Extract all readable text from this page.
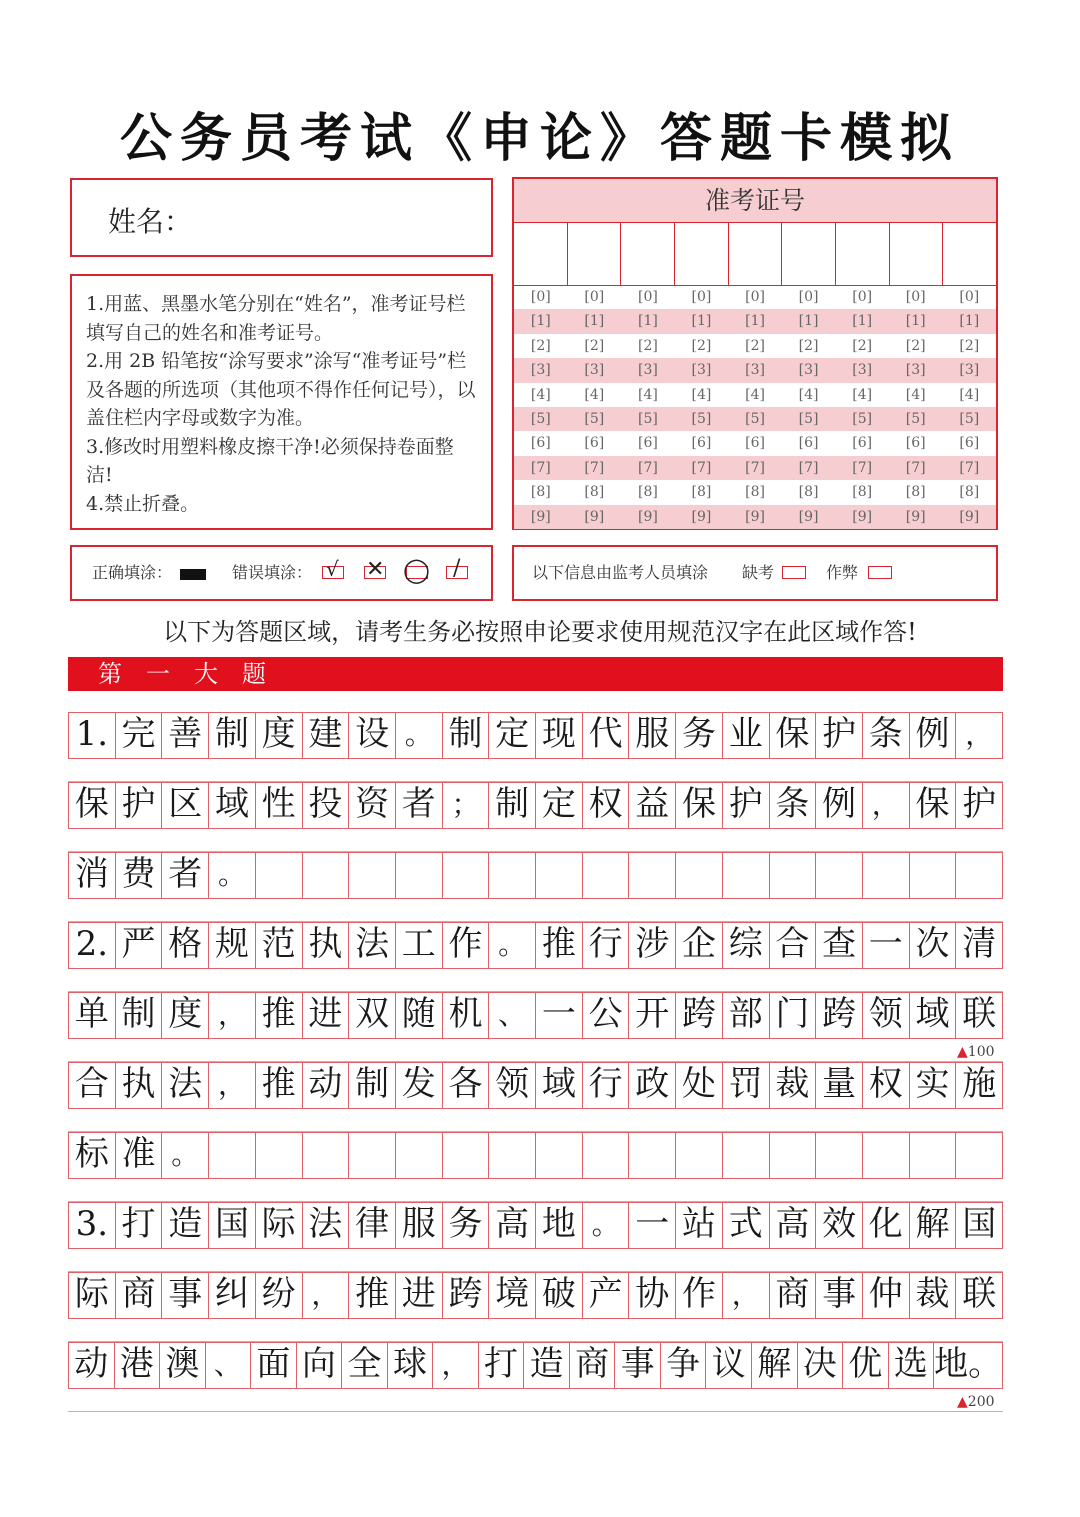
公务员考试《申论》答题卡模拟
姓名：

1.用蓝、黑墨水笔分别在“姓名”，准考证号栏填写自己的姓名和准考证号。

2.用 2B 铅笔按“涂写要求”涂写“准考证号”栏及各题的所选项（其他项不得作任何记号），以盖住栏内字母或数字为准。

3.修改时用塑料橡皮擦干净!必须保持卷面整洁!

4.禁止折叠。

准考证号
[0]	[0]	[0]	[0]	[0]	[0]	[0]	[0]	[0]
[1]	[1]	[1]	[1]	[1]	[1]	[1]	[1]	[1]
[2]	[2]	[2]	[2]	[2]	[2]	[2]	[2]	[2]
[3]	[3]	[3]	[3]	[3]	[3]	[3]	[3]	[3]
[4]	[4]	[4]	[4]	[4]	[4]	[4]	[4]	[4]
[5]	[5]	[5]	[5]	[5]	[5]	[5]	[5]	[5]
[6]	[6]	[6]	[6]	[6]	[6]	[6]	[6]	[6]
[7]	[7]	[7]	[7]	[7]	[7]	[7]	[7]	[7]
[8]	[8]	[8]	[8]	[8]	[8]	[8]	[8]	[8]
[9]	[9]	[9]	[9]	[9]	[9]	[9]	[9]	[9]
正确填涂：	错误填涂： √ ✕ ◯ /	以下信息由监考人员填涂 缺考	作弊
以下为答题区域，请考生务必按照申论要求使用规范汉字在此区域作答!
第一大题
1. 完 善 制 度 建 设 。 制 定 现 代 服 务 业 保 护 条 例 ，
保 护 区 域 性 投 资 者 ； 制 定 权 益 保 护 条 例 ， 保 护
消 费 者 。
2. 严 格 规 范 执 法 工 作 。 推 行 涉 企 综 合 查 一 次 清
单 制 度 ， 推 进 双 随 机 、 一 公 开 跨 部 门 跨 领 域 联
合 执 法 ， 推 动 制 发 各 领 域 行 政 处 罚 裁 量 权 实 施
标 准 。
3. 打 造 国 际 法 律 服 务 高 地 。 一 站 式 高 效 化 解 国
际 商 事 纠 纷 ， 推 进 跨 境 破 产 协 作 ， 商 事 仲 裁 联
动 港 澳 、 面 向 全 球 ， 打 造 商 事 争 议 解 决 优 选 地。
▲100
▲200
